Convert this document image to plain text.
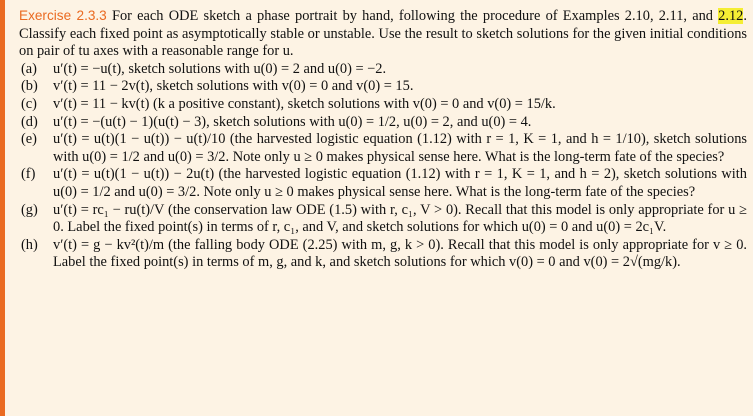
Exercise 2.3.3 For each ODE sketch a phase portrait by hand, following the procedure of Examples 2.10, 2.11, and 2.12. Classify each fixed point as asymptotically stable or unstable. Use the result to sketch solutions for the given initial conditions on pair of tu axes with a reasonable range for u.
(a) u′(t) = −u(t), sketch solutions with u(0) = 2 and u(0) = −2.
(b) v′(t) = 11 − 2v(t), sketch solutions with v(0) = 0 and v(0) = 15.
(c) v′(t) = 11 − kv(t) (k a positive constant), sketch solutions with v(0) = 0 and v(0) = 15/k.
(d) u′(t) = −(u(t) − 1)(u(t) − 3), sketch solutions with u(0) = 1/2, u(0) = 2, and u(0) = 4.
(e) u′(t) = u(t)(1 − u(t)) − u(t)/10 (the harvested logistic equation (1.12) with r = 1, K = 1, and h = 1/10), sketch solutions with u(0) = 1/2 and u(0) = 3/2. Note only u ≥ 0 makes physical sense here. What is the long-term fate of the species?
(f) u′(t) = u(t)(1 − u(t)) − 2u(t) (the harvested logistic equation (1.12) with r = 1, K = 1, and h = 2), sketch solutions with u(0) = 1/2 and u(0) = 3/2. Note only u ≥ 0 makes physical sense here. What is the long-term fate of the species?
(g) u′(t) = rc₁ − ru(t)/V (the conservation law ODE (1.5) with r, c₁, V > 0). Recall that this model is only appropriate for u ≥ 0. Label the fixed point(s) in terms of r, c₁, and V, and sketch solutions for which u(0) = 0 and u(0) = 2c₁V.
(h) v′(t) = g − kv²(t)/m (the falling body ODE (2.25) with m, g, k > 0). Recall that this model is only appropriate for v ≥ 0. Label the fixed point(s) in terms of m, g, and k, and sketch solutions for which v(0) = 0 and v(0) = 2√(mg/k).
